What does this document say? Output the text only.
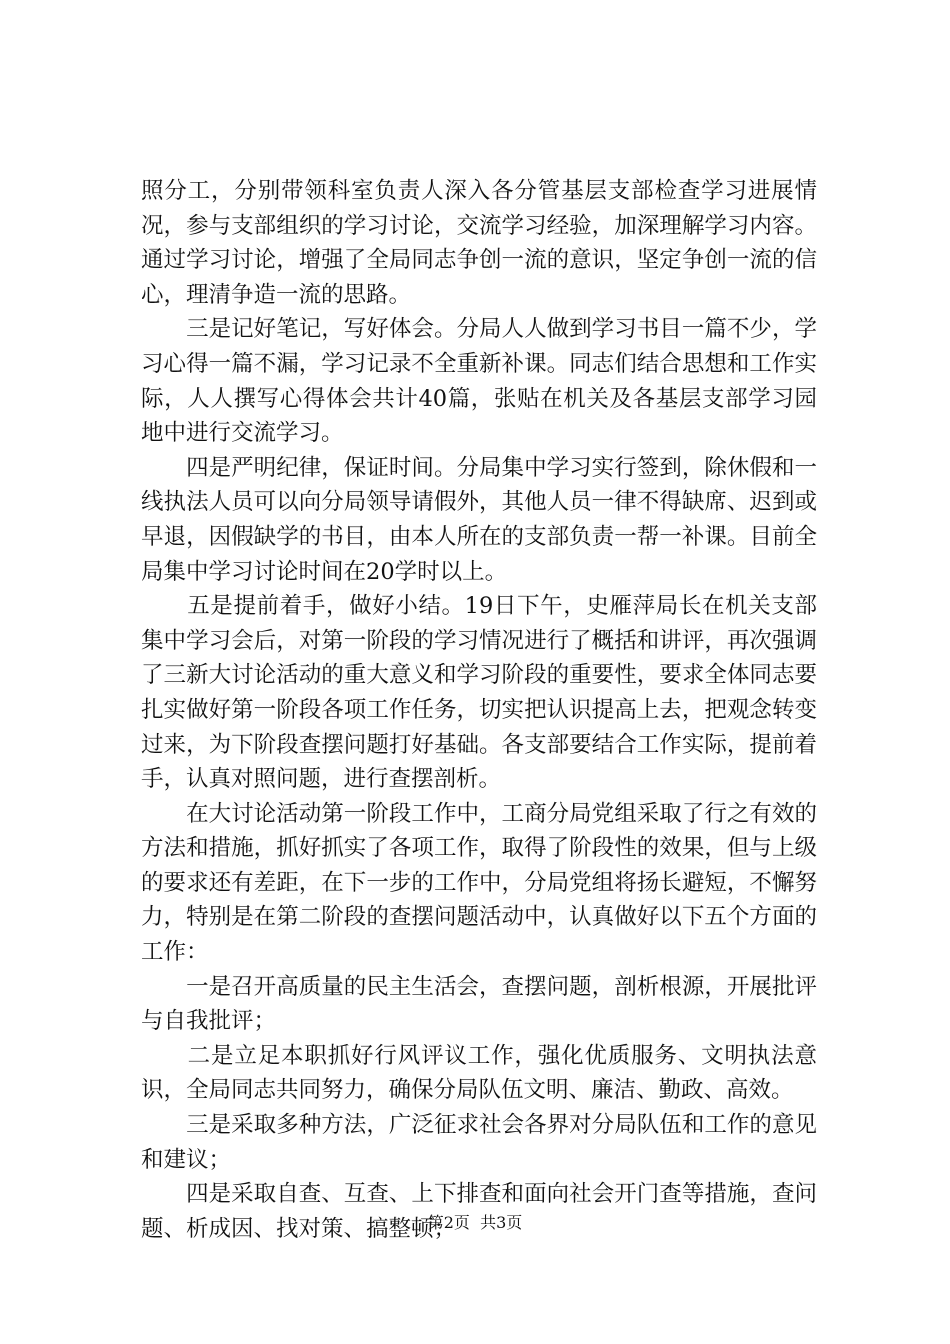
照分工，分别带领科室负责人深入各分管基层支部检查学习进展情况，参与支部组织的学习讨论，交流学习经验，加深理解学习内容。通过学习讨论，增强了全局同志争创一流的意识，坚定争创一流的信心，理清争造一流的思路。

　　三是记好笔记，写好体会。分局人人做到学习书目一篇不少，学习心得一篇不漏，学习记录不全重新补课。同志们结合思想和工作实际，人人撰写心得体会共计40篇，张贴在机关及各基层支部学习园地中进行交流学习。

　　四是严明纪律，保证时间。分局集中学习实行签到，除休假和一线执法人员可以向分局领导请假外，其他人员一律不得缺席、迟到或早退，因假缺学的书目，由本人所在的支部负责一帮一补课。目前全局集中学习讨论时间在20学时以上。

　　五是提前着手，做好小结。19日下午，史雁萍局长在机关支部集中学习会后，对第一阶段的学习情况进行了概括和讲评，再次强调了三新大讨论活动的重大意义和学习阶段的重要性，要求全体同志要扎实做好第一阶段各项工作任务，切实把认识提高上去，把观念转变过来，为下阶段查摆问题打好基础。各支部要结合工作实际，提前着手，认真对照问题，进行查摆剖析。

　　在大讨论活动第一阶段工作中，工商分局党组采取了行之有效的方法和措施，抓好抓实了各项工作，取得了阶段性的效果，但与上级的要求还有差距，在下一步的工作中，分局党组将扬长避短，不懈努力，特别是在第二阶段的查摆问题活动中，认真做好以下五个方面的工作：

　　一是召开高质量的民主生活会，查摆问题，剖析根源，开展批评与自我批评；

　　二是立足本职抓好行风评议工作，强化优质服务、文明执法意识，全局同志共同努力，确保分局队伍文明、廉洁、勤政、高效。

　　三是采取多种方法，广泛征求社会各界对分局队伍和工作的意见和建议；

　　四是采取自查、互查、上下排查和面向社会开门查等措施，查问题、析成因、找对策、搞整顿；

第2页  共3页
